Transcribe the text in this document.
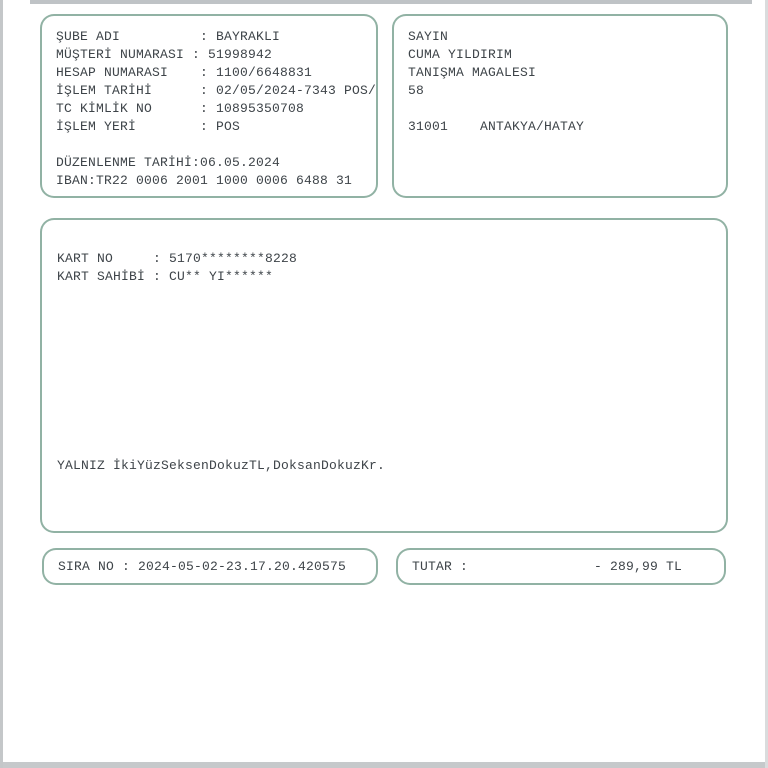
ŞUBE ADI          : BAYRAKLI
MÜŞTERİ NUMARASI : 51998942
HESAP NUMARASI    : 1100/6648831
İŞLEM TARİHİ      : 02/05/2024-7343 POS/
TC KİMLİK NO      : 10895350708
İŞLEM YERİ        : POS
DÜZENLENME TARİHİ:06.05.2024
IBAN:TR22 0006 2001 1000 0006 6488 31
SAYIN
CUMA YILDIRIM
TANIŞMA MAGALESI
58
31001    ANTAKYA/HATAY
KART NO     : 5170********8228
KART SAHİBİ : CU** YI******
YALNIZ İkiYüzSeksenDokuzTL,DoksanDokuzKr.
SIRA NO : 2024-05-02-23.17.20.420575	TUTAR :	- 289,99 TL
